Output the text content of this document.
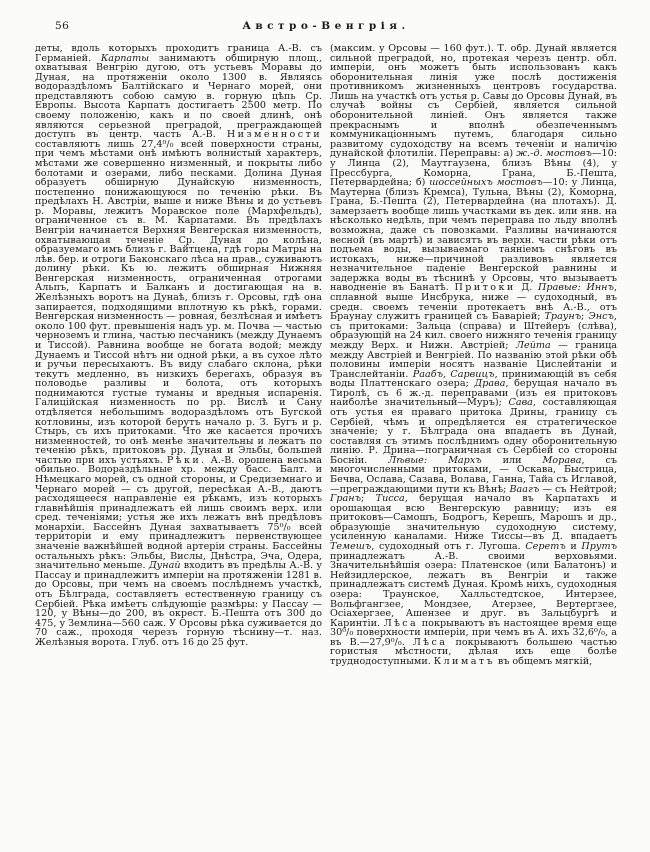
56	Австро-Венгрія.
деты, вдоль которыхъ проходитъ граница А.-В. съ Германіей. Карпаты занимаютъ обширную площ., охватывая Венгрію дугою, отъ устьевъ Моравы до Дуная, на протяженіи около 1300 в. Являясь водораздѣломъ Балтійскаго и Чернаго морей, они представляютъ собою самую в. горную цѣпь Ср. Европы. Высота Карпатъ достигаетъ 2500 метр. По своему положенію, какъ и по своей длинѣ, онѣ являются серьезной преградой, преграждающей доступъ въ центр. часть А.-В. Низменности составляютъ лишь 27,4⁰/₀ всей поверхности страны, при чемъ мѣстами онѣ имѣютъ волнистый характеръ, мѣстами же совершенно низменный, и покрыты либо болотами и озерами, либо песками. Долина Дуная образуетъ обширную Дунайскую низменность, постепенно понижающуюся по теченію рѣки. Въ предѣлахъ Н. Австріи, выше и ниже Вѣны и до устьевъ р. Моравы, лежитъ Моравское поле (Мархфельдъ), ограниченное съ в. М. Карпатами. Въ предѣлахъ Венгріи начинается Верхняя Венгерская низменность, охватывающая теченіе Ср. Дуная до колѣна, образуемаго имъ близъ г. Вайтцена, гдѣ горы Матры на лѣв. бер. и отроги Баконскаго лѣса на прав., суживаютъ долину рѣки. Къ ю. лежитъ обширная Нижняя Венгерская низменность, ограниченная отрогами Альпъ, Карпатъ и Балканъ и достигающая на в. Желѣзныхъ воротъ на Дунаѣ, близъ г. Орсовы, гдѣ она запирается, подходящими вплотную къ рѣкѣ, горами. Венгерская низменность — ровная, безлѣсная и имѣетъ около 100 фут. превышенія надъ ур. м. Почва — частью черноземъ и глина, частью песчаникъ (между Дунаемъ и Тиссой). Равнина вообще не богата водой; между Дунаемъ и Тиссой нѣтъ ни одной рѣки, а въ сухое лѣто и ручьи пересыхаютъ. Въ виду слабаго склона, рѣки текутъ медленно, въ низкихъ берегахъ, образуя въ половодье разливы и болота, отъ которыхъ поднимаются густые туманы и вредныя испаренія. Галиційская низменность по рр. Вислѣ и Сану отдѣляется небольшимъ водораздѣломъ отъ Бугской котловины, изъ которой берутъ начало р. З. Бугъ и р. Стырь, съ ихъ притоками. Что же касается прочихъ низменностей, то онѣ менѣе значительны и лежатъ по теченію рѣкъ, притоковъ рр. Дуная и Эльбы, большей частью при ихъ устьяхъ. Рѣки. А.-В. орошена весьма обильно. Водораздѣльные хр. между басс. Балт. и Нѣмецкаго морей, съ одной стороны, и Средиземнаго и Чернаго морей — съ другой, пересѣкая А.-В., даютъ расходящееся направленіе ея рѣкамъ, изъ которыхъ главнѣйшія принадлежатъ ей лишь своимъ верх. или сред. теченіями; устья же ихъ лежатъ внѣ предѣловъ монархіи. Бассейнъ Дуная захватываетъ 75⁰/₀ всей территоріи и ему принадлежитъ первенствующее значеніе важнѣйшей водной артеріи страны. Бассейны остальныхъ рѣкъ: Эльбы, Вислы, Днѣстра, Эча, Одера, значительно меньше. Дунай входитъ въ предѣлы А.-В. у Пассау и принадлежитъ имперіи на протяженіи 1281 в. до Орсовы, при чемъ на своемъ послѣднемъ участкѣ, отъ Бѣлграда, составляетъ естественную границу съ Сербіей. Рѣка имѣетъ слѣдующіе размѣры: у Пассау — 120, у Вѣны—до 200, въ окрест. Б.-Пешта отъ 300 до 475, у Землина—560 саж. У Орсовы рѣка суживается до 70 саж., проходя черезъ горную тѣснину—т. наз. Желѣзныя ворота. Глуб. отъ 16 до 25 фут.
(максим. у Орсовы — 160 фут.). Т. обр. Дунай является сильной преградой, но, протекая черезъ центр. обл. имперіи, онъ можетъ быть использованъ какъ оборонительная линія уже послѣ достиженія противникомъ жизненныхъ центровъ государства. Лишь на участкѣ отъ устья р. Савы до Орсовы Дунай, въ случаѣ войны съ Сербіей, является сильной оборонительной линіей. Онъ является также прекраснымъ и вполнѣ обезпеченнымъ коммуникаціоннымъ путемъ, благодаря сильно развитому судоходству на всемъ теченіи и наличію дунайской флотиліи. Переправы: а) ж.-д. мостовъ—10: у Линца (2), Маутгаузена, близъ Вѣны (4), у Прессбурга, Коморна, Грана, Б.-Пешта, Петервардейна; б) шоссейныхъ мостовъ—10: у Линца, Маутерна (близъ Кремса), Тульна, Вѣны (2), Коморна, Грана, Б.-Пешта (2), Петервардейна (на плотахъ). Д. замерзаетъ вообще лишь участками въ дек. или янв. на нѣсколько недѣль, при чемъ переправа по льду вполнѣ возможна, даже съ повозками. Разливы начинаются весной (въ мартѣ) и зависятъ въ верхн. части рѣки отъ подъема воды, вызываемаго таяніемъ снѣговъ въ истокахъ, ниже—причиной разливовъ является незначительное паденіе Венгерской равнины и задержка воды въ тѣснинѣ у Орсовы, что вызываетъ наводненіе въ Банатѣ. Притоки Д. Правые: Иннъ, сплавной выше Инсбрука, ниже — судоходный, въ средн. своемъ теченіи протекаетъ внѣ А.-В., отъ Браунау служитъ границей съ Баваріей; Траунъ; Энсъ, съ притоками: Зальца (справа) и Штейеръ (слѣва), образующій на 24 кил. своего нижняго теченія границу между Верх. и Нижн. Австріей; Лейта — граница между Австріей и Венгріей. По названію этой рѣки обѣ половины имперіи носятъ названіе Цислейтаніи и Транслейтаніи. Раабъ, Сарвицъ, принимающій въ себя воды Платтенскаго озера; Драва, берущая начало въ Тиролѣ, съ 6 ж.-д. переправами (изъ ея притоковъ наиболѣе значительный—Муръ); Сава, составляющая отъ устья ея праваго притока Дрины, границу съ Сербіей, чѣмъ и опредѣляется ея стратегическое значеніе; у г. Бѣлграда она впадаетъ въ Дунай, составляя съ этимъ послѣднимъ одну оборонительную линію. Р. Дрина—пограничная съ Сербіей со стороны Босніи. Лѣвые: Мархъ или Морава, съ многочисленными притоками, — Оскава, Быстрица, Бечва, Ослава, Сазава, Волава, Ганна, Тайа съ Иглавой,—преграждающими пути къ Вѣнѣ; Ваагъ — съ Нейтрой; Гранъ; Тисса, берущая начало въ Карпатахъ и орошающая всю Венгерскую равницу; изъ ея притоковъ—Самошъ, Бодрогъ, Керешъ, Марошъ и др., образующіе значительную судоходную систему, усиленную каналами. Ниже Тиссы—въ Д. впадаетъ Темешъ, судоходный отъ г. Лугоша. Серетъ и Прутъ принадлежатъ А.-В. своими верховьями. Значительнѣйшія озера: Платенское (или Балатонъ) и Нейзидлерское, лежатъ въ Венгріи и также принадлежатъ системѣ Дуная. Кромѣ нихъ, судоходныя озера: Траунское, Халльстедтское, Интерзее, Вольфгангзее, Мондзее, Атерзее, Вертергзее, Осіахергзее, Ашензее и друг. въ Зальцбургѣ и Каринтіи. Лѣса покрываютъ въ настоящее время еще 30⁰/₀ поверхности имперіи, при чемъ въ А. ихъ 32,6⁰/₀, а въ В.—27,9⁰/₀. Лѣса покрываютъ большею частью гористыя мѣстности, дѣлая ихъ еще болѣе труднодоступными. Климатъ въ общемъ мягкій,
